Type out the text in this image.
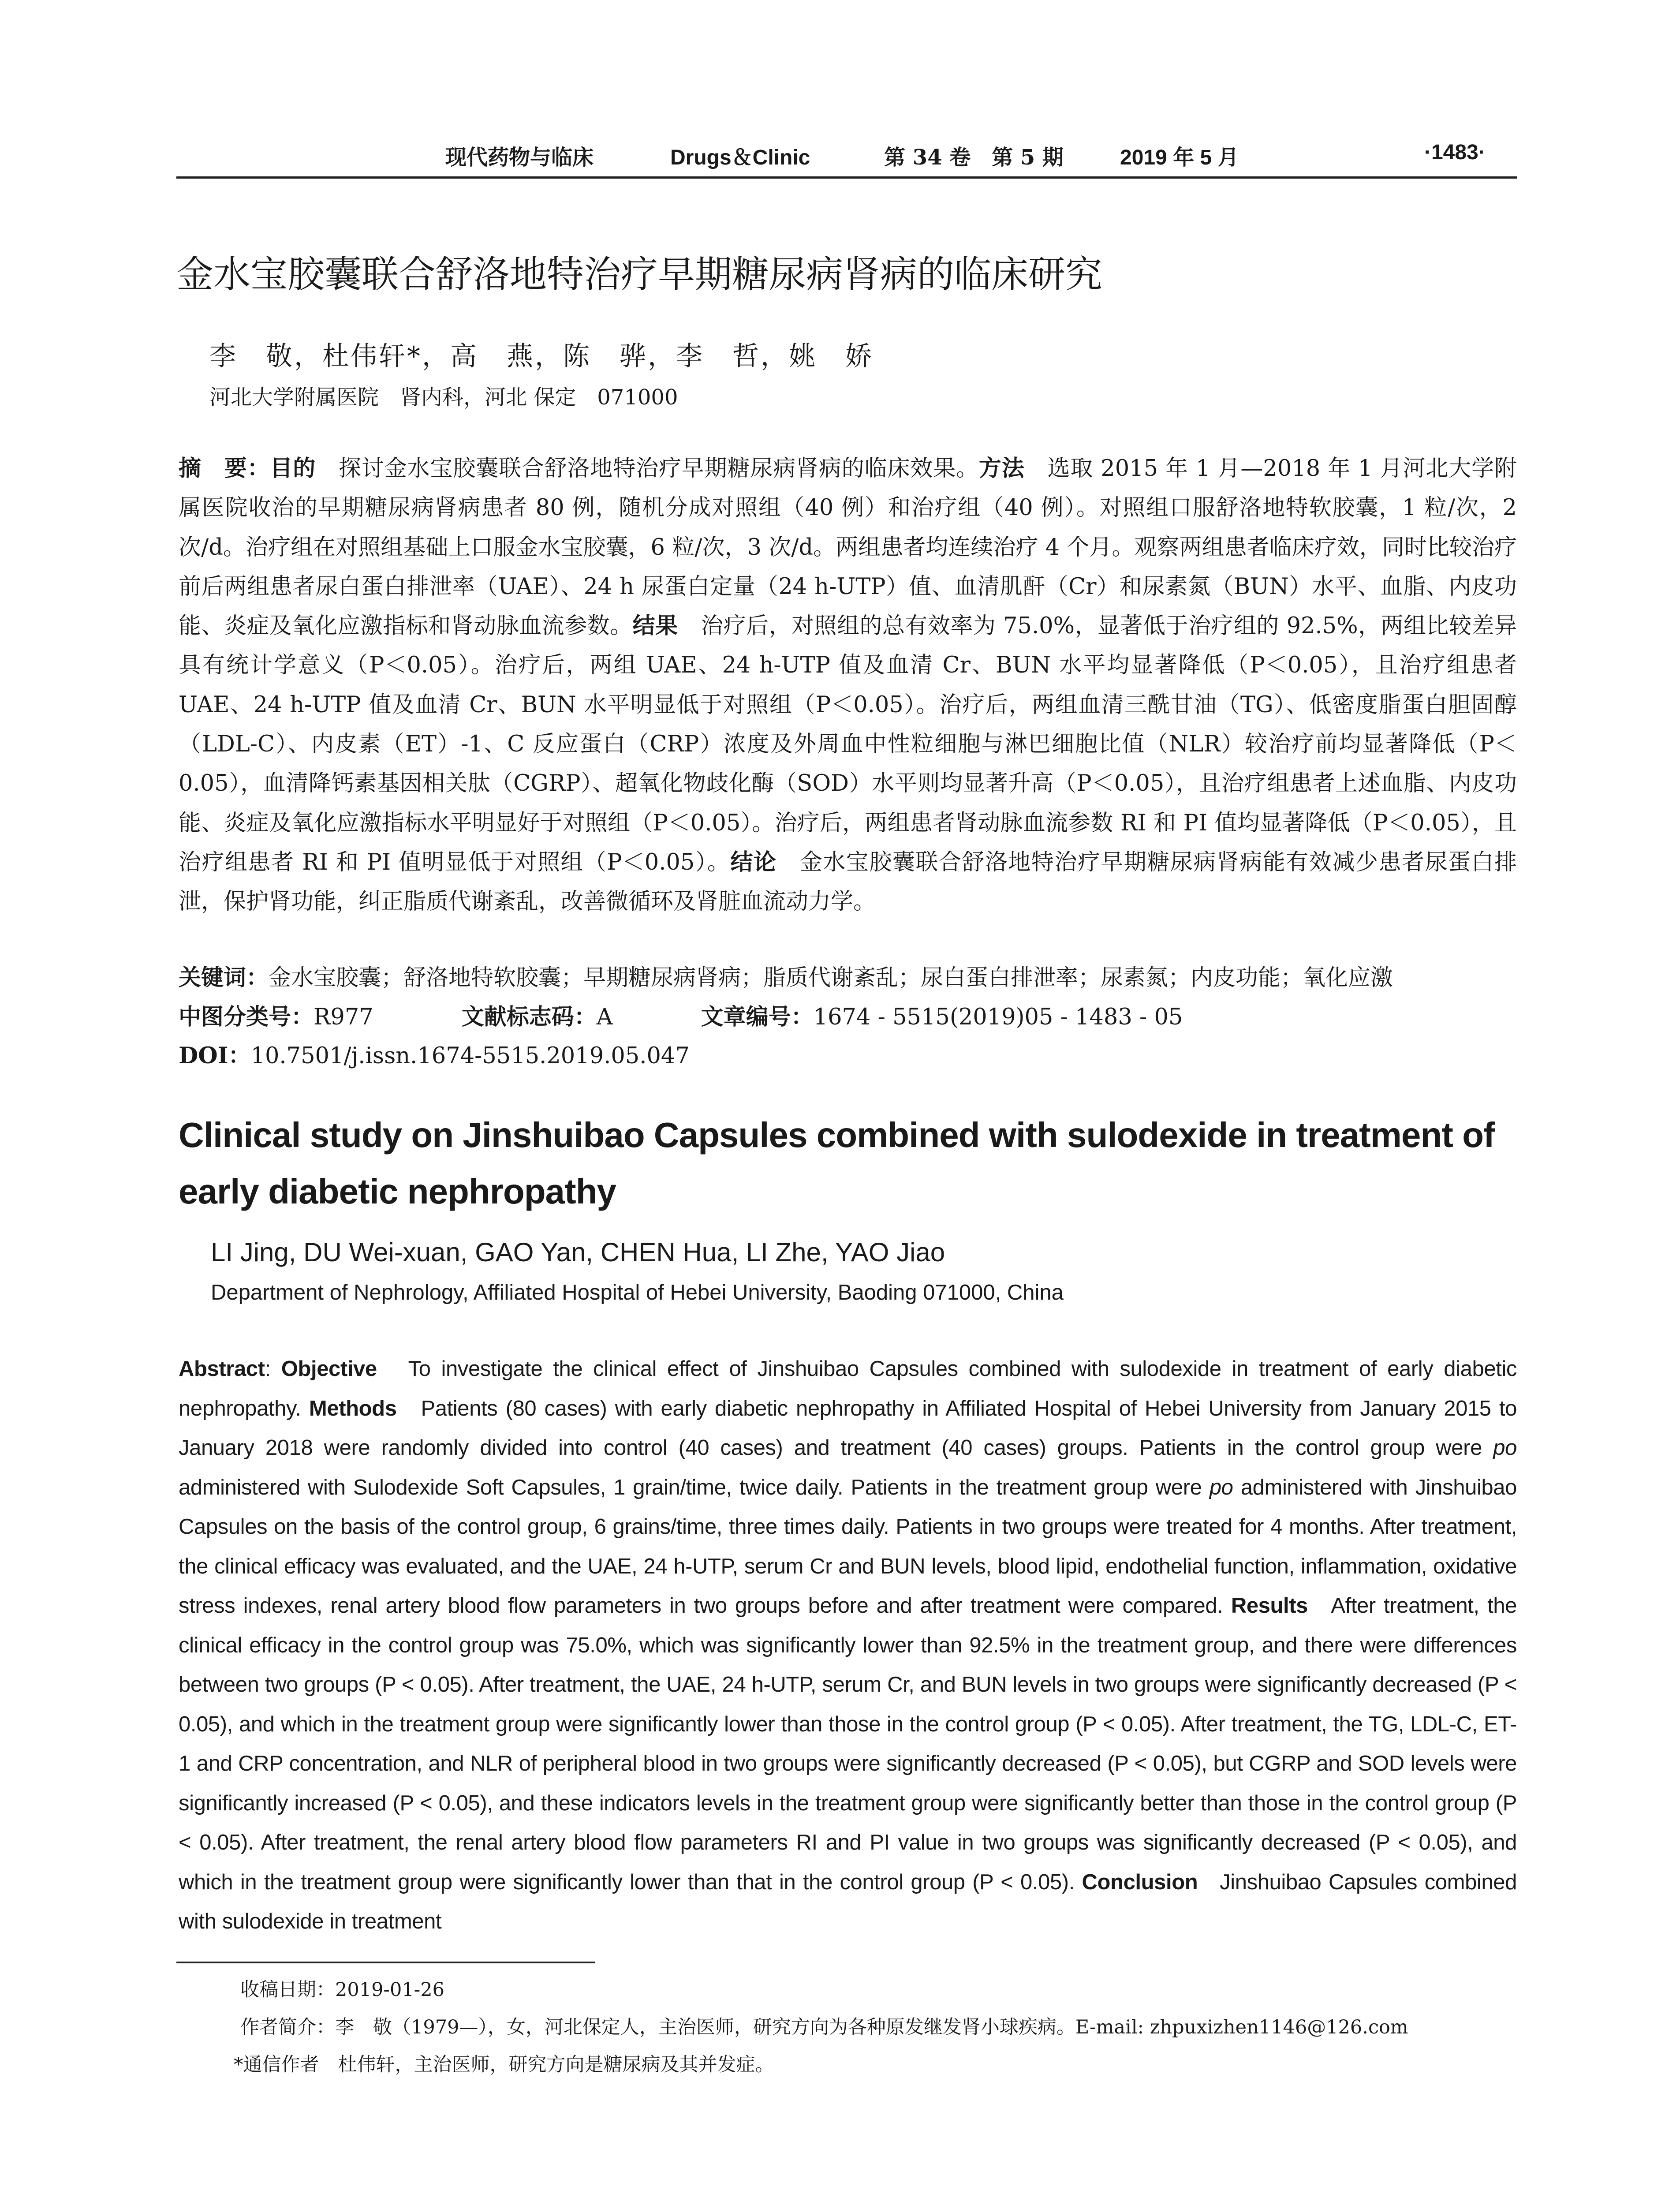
现代药物与临床	Drugs＆Clinic	第 34 卷　第 5 期	2019 年 5 月	·1483·
金水宝胶囊联合舒洛地特治疗早期糖尿病肾病的临床研究
李　敬，杜伟轩*，高　燕，陈　骅，李　哲，姚　娇
河北大学附属医院　肾内科，河北 保定　071000

摘　要：目的　 探讨金水宝胶囊联合舒洛地特治疗早期糖尿病肾病的临床效果。方法　 选取 2015 年 1 月—2018 年 1 月河北大学附属医院收治的早期糖尿病肾病患者 80 例，随机分成对照组（40 例）和治疗组（40 例）。对照组口服舒洛地特软胶囊，1 粒/次，2 次/d。治疗组在对照组基础上口服金水宝胶囊，6 粒/次，3 次/d。两组患者均连续治疗 4 个月。观察两组患者临床疗效，同时比较治疗前后两组患者尿白蛋白排泄率（UAE）、24 h 尿蛋白定量（24 h-UTP）值、血清肌酐（Cr）和尿素氮（BUN）水平、血脂、内皮功能、炎症及氧化应激指标和肾动脉血流参数。结果　 治疗后，对照组的总有效率为 75.0%，显著低于治疗组的 92.5%，两组比较差异具有统计学意义（P＜0.05）。治疗后，两组 UAE、24 h-UTP 值及血清 Cr、BUN 水平均显著降低（P＜0.05），且治疗组患者 UAE、24 h-UTP 值及血清 Cr、BUN 水平明显低于对照组（P＜0.05）。治疗后，两组血清三酰甘油（TG）、低密度脂蛋白胆固醇（LDL-C）、内皮素（ET）-1、C 反应蛋白（CRP）浓度及外周血中性粒细胞与淋巴细胞比值（NLR）较治疗前均显著降低（P＜0.05），血清降钙素基因相关肽（CGRP）、超氧化物歧化酶（SOD）水平则均显著升高（P＜0.05），且治疗组患者上述血脂、内皮功能、炎症及氧化应激指标水平明显好于对照组（P＜0.05）。治疗后，两组患者肾动脉血流参数 RI 和 PI 值均显著降低（P＜0.05），且治疗组患者 RI 和 PI 值明显低于对照组（P＜0.05）。结论　 金水宝胶囊联合舒洛地特治疗早期糖尿病肾病能有效减少患者尿蛋白排泄，保护肾功能，纠正脂质代谢紊乱，改善微循环及肾脏血流动力学。

关键词：金水宝胶囊；舒洛地特软胶囊；早期糖尿病肾病；脂质代谢紊乱；尿白蛋白排泄率；尿素氮；内皮功能；氧化应激

中图分类号：R977	文献标志码：A	文章编号：1674 - 5515(2019)05 - 1483 - 05

DOI：10.7501/j.issn.1674-5515.2019.05.047

Clinical study on Jinshuibao Capsules combined with sulodexide in treatment of early diabetic nephropathy

LI Jing, DU Wei-xuan, GAO Yan, CHEN Hua, LI Zhe, YAO Jiao
Department of Nephrology, Affiliated Hospital of Hebei University, Baoding 071000, China

Abstract: Objective To investigate the clinical effect of Jinshuibao Capsules combined with sulodexide in treatment of early diabetic nephropathy. Methods Patients (80 cases) with early diabetic nephropathy in Affiliated Hospital of Hebei University from January 2015 to January 2018 were randomly divided into control (40 cases) and treatment (40 cases) groups. Patients in the control group were po administered with Sulodexide Soft Capsules, 1 grain/time, twice daily. Patients in the treatment group were po administered with Jinshuibao Capsules on the basis of the control group, 6 grains/time, three times daily. Patients in two groups were treated for 4 months. After treatment, the clinical efficacy was evaluated, and the UAE, 24 h-UTP, serum Cr and BUN levels, blood lipid, endothelial function, inflammation, oxidative stress indexes, renal artery blood flow parameters in two groups before and after treatment were compared. Results After treatment, the clinical efficacy in the control group was 75.0%, which was significantly lower than 92.5% in the treatment group, and there were differences between two groups (P < 0.05). After treatment, the UAE, 24 h-UTP, serum Cr, and BUN levels in two groups were significantly decreased (P < 0.05), and which in the treatment group were significantly lower than those in the control group (P < 0.05). After treatment, the TG, LDL-C, ET-1 and CRP concentration, and NLR of peripheral blood in two groups were significantly decreased (P < 0.05), but CGRP and SOD levels were significantly increased (P < 0.05), and these indicators levels in the treatment group were significantly better than those in the control group (P < 0.05). After treatment, the renal artery blood flow parameters RI and PI value in two groups was significantly decreased (P < 0.05), and which in the treatment group were significantly lower than that in the control group (P < 0.05). Conclusion Jinshuibao Capsules combined with sulodexide in treatment

收稿日期：2019-01-26

作者简介：李　敬（1979—），女，河北保定人，主治医师，研究方向为各种原发继发肾小球疾病。E-mail: zhpuxizhen1146@126.com

*通信作者　杜伟轩，主治医师，研究方向是糖尿病及其并发症。
